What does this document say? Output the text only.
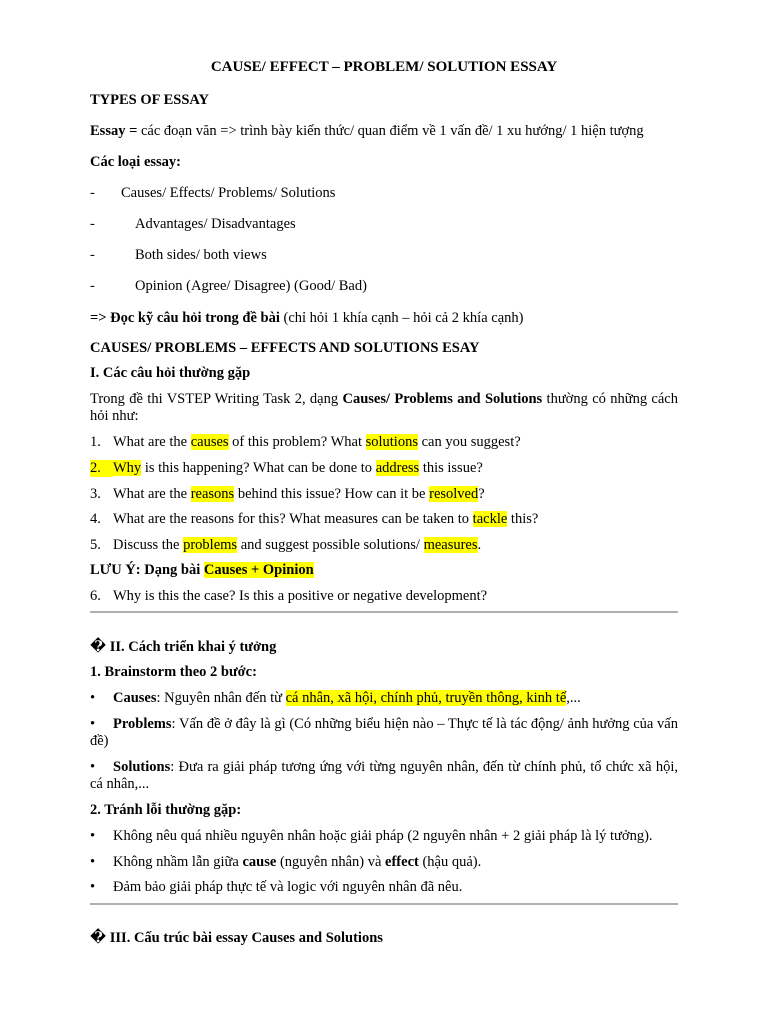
CAUSE/ EFFECT – PROBLEM/ SOLUTION ESSAY
TYPES OF ESSAY
Essay = các đoạn văn => trình bày kiến thức/ quan điểm về 1 vấn đề/ 1 xu hướng/ 1 hiện tượng
Các loại essay:
- Causes/ Effects/ Problems/ Solutions
-	Advantages/ Disadvantages
-	Both sides/ both views
-	Opinion (Agree/ Disagree) (Good/ Bad)
=> Đọc kỹ câu hỏi trong đề bài (chỉ hỏi 1 khía cạnh – hỏi cả 2 khía cạnh)
CAUSES/ PROBLEMS – EFFECTS AND SOLUTIONS ESAY
I. Các câu hỏi thường gặp
Trong đề thi VSTEP Writing Task 2, dạng Causes/ Problems and Solutions thường có những cách hỏi như:
1. What are the causes of this problem? What solutions can you suggest?
2. Why is this happening? What can be done to address this issue?
3. What are the reasons behind this issue? How can it be resolved?
4. What are the reasons for this? What measures can be taken to tackle this?
5. Discuss the problems and suggest possible solutions/ measures.
LƯU Ý: Dạng bài Causes + Opinion
6. Why is this the case? Is this a positive or negative development?
� II. Cách triển khai ý tưởng
1. Brainstorm theo 2 bước:
• Causes: Nguyên nhân đến từ cá nhân, xã hội, chính phủ, truyền thông, kinh tế,...
• Problems: Vấn đề ở đây là gì (Có những biểu hiện nào – Thực tế là tác động/ ảnh hưởng của vấn đề)
• Solutions: Đưa ra giải pháp tương ứng với từng nguyên nhân, đến từ chính phủ, tổ chức xã hội, cá nhân,...
2. Tránh lỗi thường gặp:
• Không nêu quá nhiều nguyên nhân hoặc giải pháp (2 nguyên nhân + 2 giải pháp là lý tưởng).
• Không nhầm lẫn giữa cause (nguyên nhân) và effect (hậu quả).
• Đảm bảo giải pháp thực tế và logic với nguyên nhân đã nêu.
� III. Cấu trúc bài essay Causes and Solutions
